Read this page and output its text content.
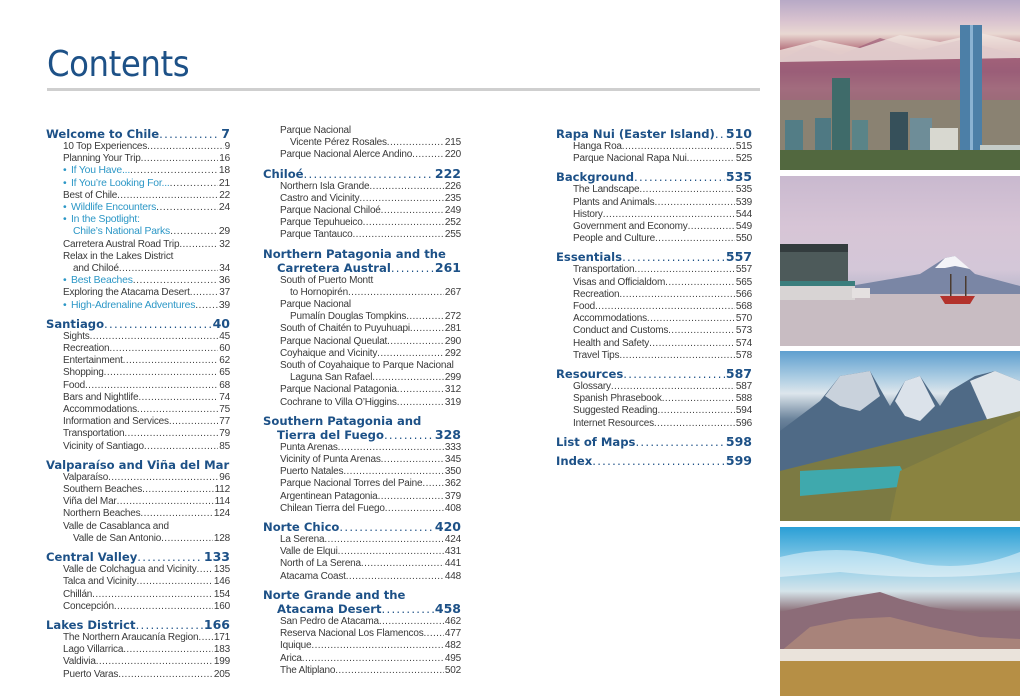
Contents
Welcome to Chile . . .	7
10 Top Experiences . . .	9
Planning Your Trip . . .	16
• If You Have... . . .	18
• If You’re Looking For... . . .	21
Best of Chile . . .	22
• Wildlife Encounters . . .	24
• In the Spotlight:
Chile’s National Parks . . .	29
Carretera Austral Road Trip . . .	32
Relax in the Lakes District
and Chiloé . . .	34
• Best Beaches . . .	36
Exploring the Atacama Desert . . .	37
• High-Adrenaline Adventures . . . 39
Santiago . . .	40
Sights . . .	45
Recreation . . .	60
Entertainment . . .	62
Shopping . . .	65
Food . . .	68
Bars and Nightlife . . .	74
Accommodations . . .	75
Information and Services . . .	77
Transportation . . .	79
Vicinity of Santiago . . .	85
Valparaíso and Viña del Mar
Valparaíso . . .	96
Southern Beaches . . .	112
Viña del Mar . . .	114
Northern Beaches . . .	124
Valle de Casablanca and
Valle de San Antonio . . .	128
Central Valley . . .	133
Valle de Colchagua and Vicinity . . . 135
Talca and Vicinity . . .	146
Chillán . . .	154
Concepción . . .	160
Lakes District . . .	166
The Northern Araucanía Region . . . 171
Lago Villarrica . . .	183
Valdivia . . .	199
Puerto Varas . . .	205
Parque Nacional
Vicente Pérez Rosales . . .	215
Parque Nacional Alerce Andino . . .	220
Chiloé . . .	222
Northern Isla Grande . . .	226
Castro and Vicinity . . .	235
Parque Nacional Chiloé . . .	249
Parque Tepuhueico . . .	252
Parque Tantauco . . .	255
Northern Patagonia and the
Carretera Austral . . .	261
South of Puerto Montt
to Hornopirén . . .	267
Parque Nacional
Pumalín Douglas Tompkins . . .	272
South of Chaitén to Puyuhuapi . . .	281
Parque Nacional Queulat . . .	290
Coyhaique and Vicinity . . .	292
South of Coyahaique to Parque Nacional
Laguna San Rafael . . .	299
Parque Nacional Patagonia . . .	312
Cochrane to Villa O’Higgins . . .	319
Southern Patagonia and
Tierra del Fuego . . .	328
Punta Arenas . . .	333
Vicinity of Punta Arenas . . .	345
Puerto Natales . . .	350
Parque Nacional Torres del Paine . . . 362
Argentinean Patagonia . . .	379
Chilean Tierra del Fuego . . .	408
Norte Chico . . .	420
La Serena . . .	424
Valle de Elqui . . .	431
North of La Serena . . .	441
Atacama Coast . . .	448
Norte Grande and the
Atacama Desert . . .	458
San Pedro de Atacama . . .	462
Reserva Nacional Los Flamencos . . . 477
Iquique . . .	482
Arica . . .	495
The Altiplano . . .	502
Rapa Nui (Easter Island) . . . 510
Hanga Roa . . .	515
Parque Nacional Rapa Nui . . .	525
Background . . .	535
The Landscape . . .	535
Plants and Animals . . .	539
History . . .	544
Government and Economy . . .	549
People and Culture . . .	550
Essentials . . .	557
Transportation . . .	557
Visas and Officialdom . . .	565
Recreation . . .	566
Food . . .	568
Accommodations . . .	570
Conduct and Customs . . .	573
Health and Safety . . .	574
Travel Tips . . .	578
Resources . . .	587
Glossary . . .	587
Spanish Phrasebook . . .	588
Suggested Reading . . .	594
Internet Resources . . .	596
List of Maps . . .	598
Index . . .	599
